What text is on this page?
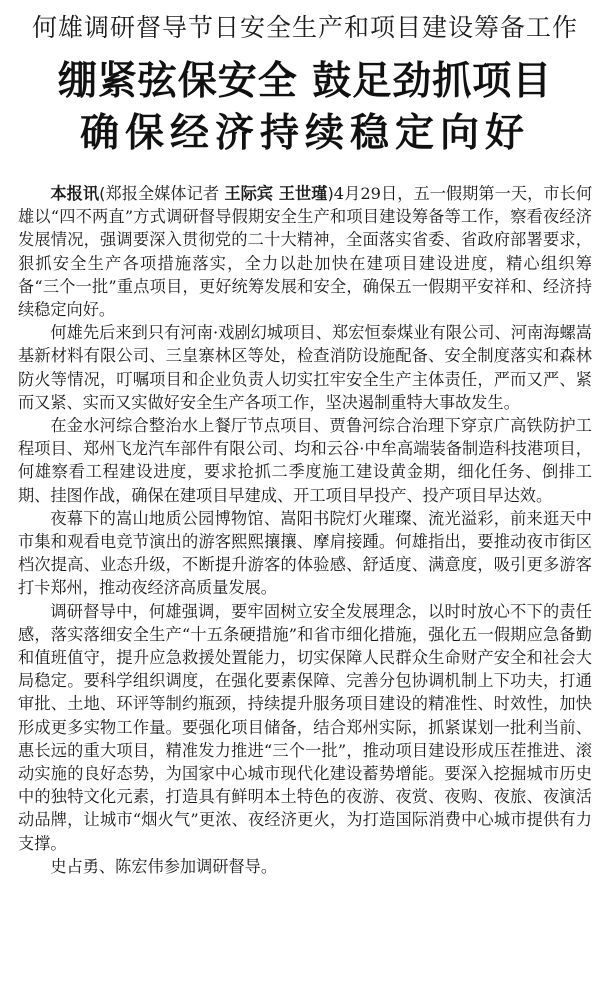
何雄调研督导节日安全生产和项目建设筹备工作
绷紧弦保安全 鼓足劲抓项目
确保经济持续稳定向好

本报讯(郑报全媒体记者 王际宾 王世瑾)4月29日，五一假期第一天，市长何雄以“四不两直”方式调研督导假期安全生产和项目建设筹备等工作，察看夜经济发展情况，强调要深入贯彻党的二十大精神，全面落实省委、省政府部署要求，狠抓安全生产各项措施落实，全力以赴加快在建项目建设进度，精心组织筹备“三个一批”重点项目，更好统筹发展和安全，确保五一假期平安祥和、经济持续稳定向好。

何雄先后来到只有河南·戏剧幻城项目、郑宏恒泰煤业有限公司、河南海螺嵩基新材料有限公司、三皇寨林区等处，检查消防设施配备、安全制度落实和森林防火等情况，叮嘱项目和企业负责人切实扛牢安全生产主体责任，严而又严、紧而又紧、实而又实做好安全生产各项工作，坚决遏制重特大事故发生。

在金水河综合整治水上餐厅节点项目、贾鲁河综合治理下穿京广高铁防护工程项目、郑州飞龙汽车部件有限公司、均和云谷·中牟高端装备制造科技港项目，何雄察看工程建设进度，要求抢抓二季度施工建设黄金期，细化任务、倒排工期、挂图作战，确保在建项目早建成、开工项目早投产、投产项目早达效。

夜幕下的嵩山地质公园博物馆、嵩阳书院灯火璀璨、流光溢彩，前来逛天中市集和观看电竞节演出的游客熙熙攘攘、摩肩接踵。何雄指出，要推动夜市街区档次提高、业态升级，不断提升游客的体验感、舒适度、满意度，吸引更多游客打卡郑州，推动夜经济高质量发展。

调研督导中，何雄强调，要牢固树立安全发展理念，以时时放心不下的责任感，落实落细安全生产“十五条硬措施”和省市细化措施，强化五一假期应急备勤和值班值守，提升应急救援处置能力，切实保障人民群众生命财产安全和社会大局稳定。要科学组织调度，在强化要素保障、完善分包协调机制上下功夫，打通审批、土地、环评等制约瓶颈，持续提升服务项目建设的精准性、时效性，加快形成更多实物工作量。要强化项目储备，结合郑州实际，抓紧谋划一批利当前、惠长远的重大项目，精准发力推进“三个一批”，推动项目建设形成压茬推进、滚动实施的良好态势，为国家中心城市现代化建设蓄势增能。要深入挖掘城市历史中的独特文化元素，打造具有鲜明本土特色的夜游、夜赏、夜购、夜旅、夜演活动品牌，让城市“烟火气”更浓、夜经济更火，为打造国际消费中心城市提供有力支撑。

史占勇、陈宏伟参加调研督导。
